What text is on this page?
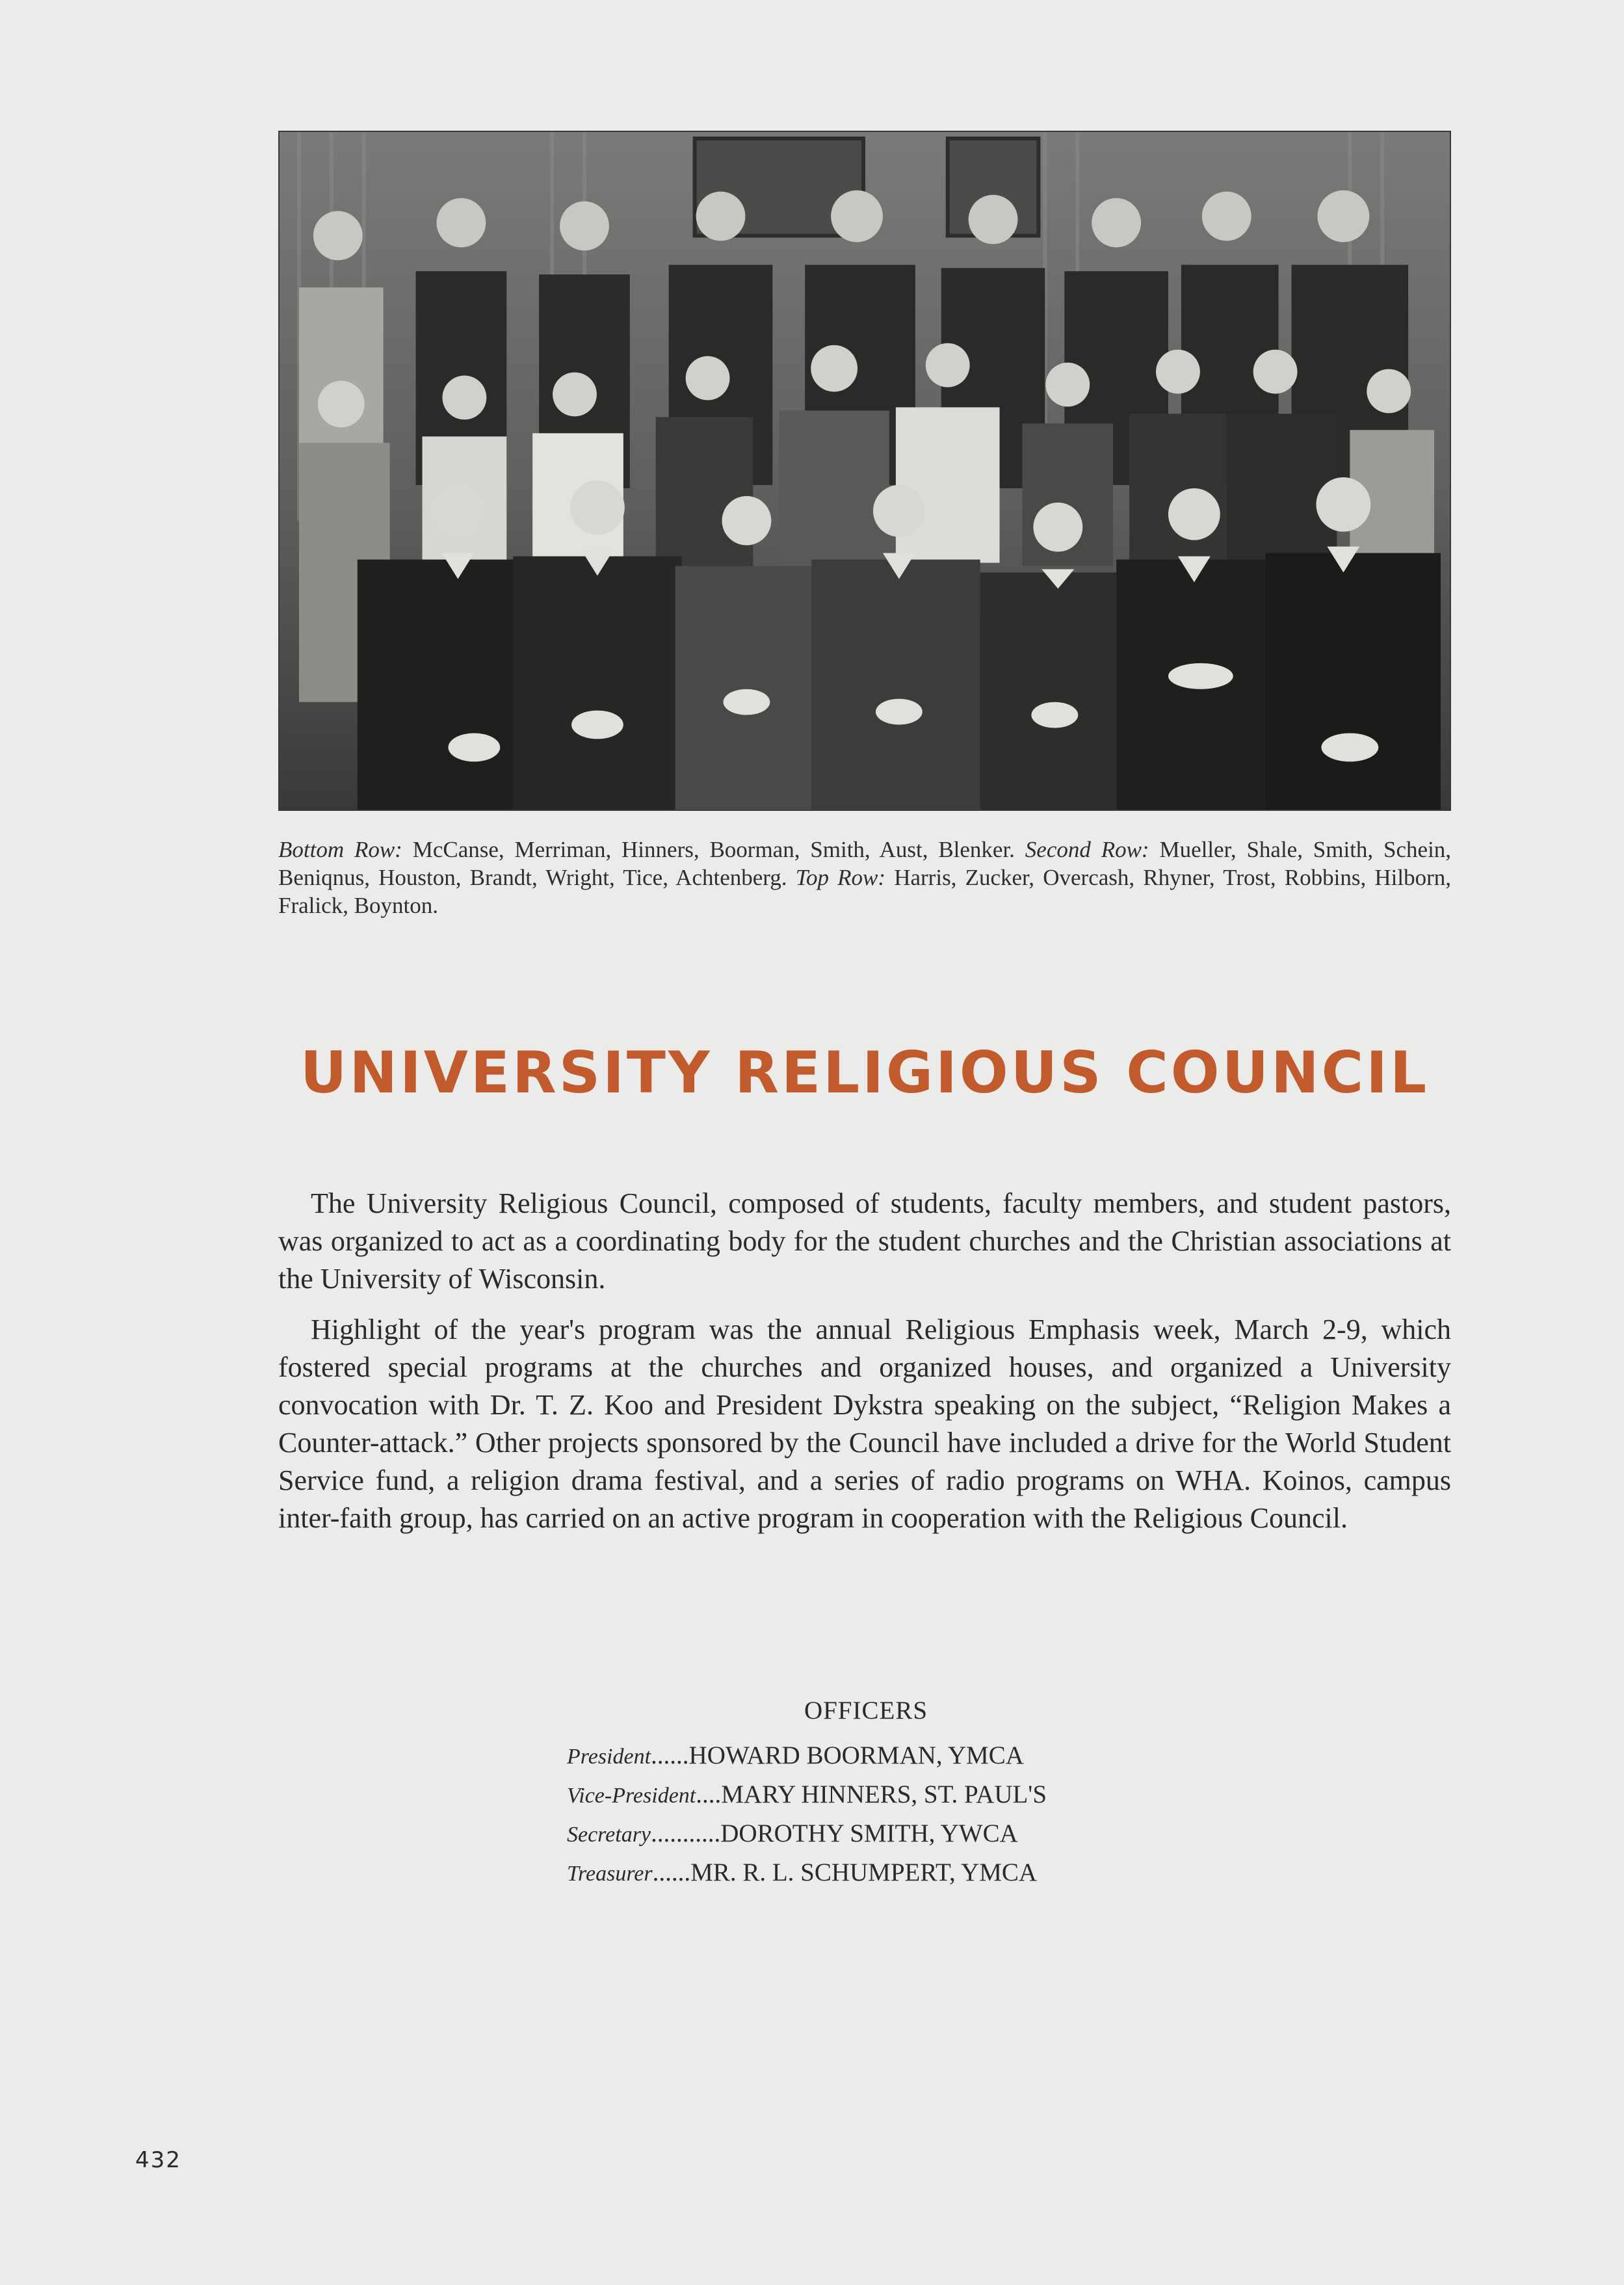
Bottom Row: McCanse, Merriman, Hinners, Boorman, Smith, Aust, Blenker. Second Row: Mueller, Shale, Smith, Schein, Beniqnus, Houston, Brandt, Wright, Tice, Achtenberg. Top Row: Harris, Zucker, Overcash, Rhyner, Trost, Robbins, Hilborn, Fralick, Boynton.
UNIVERSITY RELIGIOUS COUNCIL

The University Religious Council, composed of students, faculty members, and student pastors, was organized to act as a coordinating body for the student churches and the Christian associations at the University of Wisconsin.

Highlight of the year's program was the annual Religious Emphasis week, March 2-9, which fostered special programs at the churches and organized houses, and organized a University convocation with Dr. T. Z. Koo and President Dykstra speaking on the subject, “Religion Makes a Counter-attack.” Other projects sponsored by the Council have included a drive for the World Student Service fund, a religion drama festival, and a series of radio programs on WHA. Koinos, campus inter-faith group, has carried on an active program in cooperation with the Religious Council.

OFFICERS
President......HOWARD BOORMAN, YMCA
Vice-President....MARY HINNERS, ST. PAUL'S
Secretary...........DOROTHY SMITH, YWCA
Treasurer......MR. R. L. SCHUMPERT, YMCA
432
